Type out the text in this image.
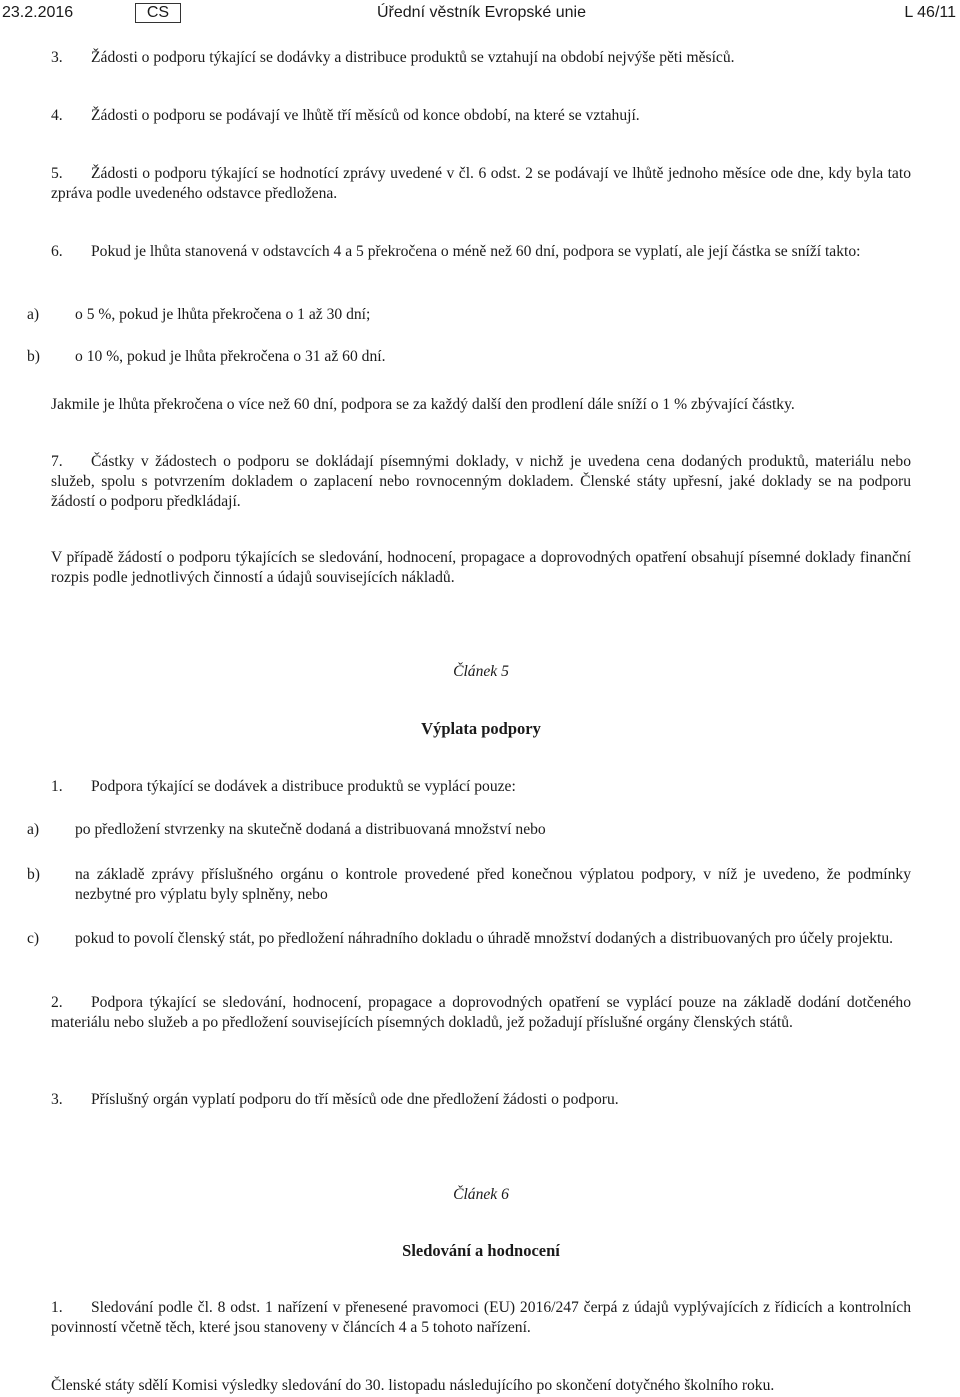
23.2.2016	CS	Úřední věstník Evropské unie	L 46/11

3. Žádosti o podporu týkající se dodávky a distribuce produktů se vztahují na období nejvýše pěti měsíců.

4. Žádosti o podporu se podávají ve lhůtě tří měsíců od konce období, na které se vztahují.

5. Žádosti o podporu týkající se hodnotící zprávy uvedené v čl. 6 odst. 2 se podávají ve lhůtě jednoho měsíce ode dne, kdy byla tato zpráva podle uvedeného odstavce předložena.

6. Pokud je lhůta stanovená v odstavcích 4 a 5 překročena o méně než 60 dní, podpora se vyplatí, ale její částka se sníží takto:

a) o 5 %, pokud je lhůta překročena o 1 až 30 dní;

b) o 10 %, pokud je lhůta překročena o 31 až 60 dní.

Jakmile je lhůta překročena o více než 60 dní, podpora se za každý další den prodlení dále sníží o 1 % zbývající částky.

7. Částky v žádostech o podporu se dokládají písemnými doklady, v nichž je uvedena cena dodaných produktů, materiálu nebo služeb, spolu s potvrzením dokladem o zaplacení nebo rovnocenným dokladem. Členské státy upřesní, jaké doklady se na podporu žádostí o podporu předkládají.

V případě žádostí o podporu týkajících se sledování, hodnocení, propagace a doprovodných opatření obsahují písemné doklady finanční rozpis podle jednotlivých činností a údajů souvisejících nákladů.

Článek 5
Výplata podpory

1. Podpora týkající se dodávek a distribuce produktů se vyplácí pouze:

a) po předložení stvrzenky na skutečně dodaná a distribuovaná množství nebo

b) na základě zprávy příslušného orgánu o kontrole provedené před konečnou výplatou podpory, v níž je uvedeno, že podmínky nezbytné pro výplatu byly splněny, nebo

c) pokud to povolí členský stát, po předložení náhradního dokladu o úhradě množství dodaných a distribuovaných pro účely projektu.

2. Podpora týkající se sledování, hodnocení, propagace a doprovodných opatření se vyplácí pouze na základě dodání dotčeného materiálu nebo služeb a po předložení souvisejících písemných dokladů, jež požadují příslušné orgány členských států.

3. Příslušný orgán vyplatí podporu do tří měsíců ode dne předložení žádosti o podporu.

Článek 6
Sledování a hodnocení

1. Sledování podle čl. 8 odst. 1 nařízení v přenesené pravomoci (EU) 2016/247 čerpá z údajů vyplývajících z řídicích a kontrolních povinností včetně těch, které jsou stanoveny v článcích 4 a 5 tohoto nařízení.

Členské státy sdělí Komisi výsledky sledování do 30. listopadu následujícího po skončení dotyčného školního roku.
